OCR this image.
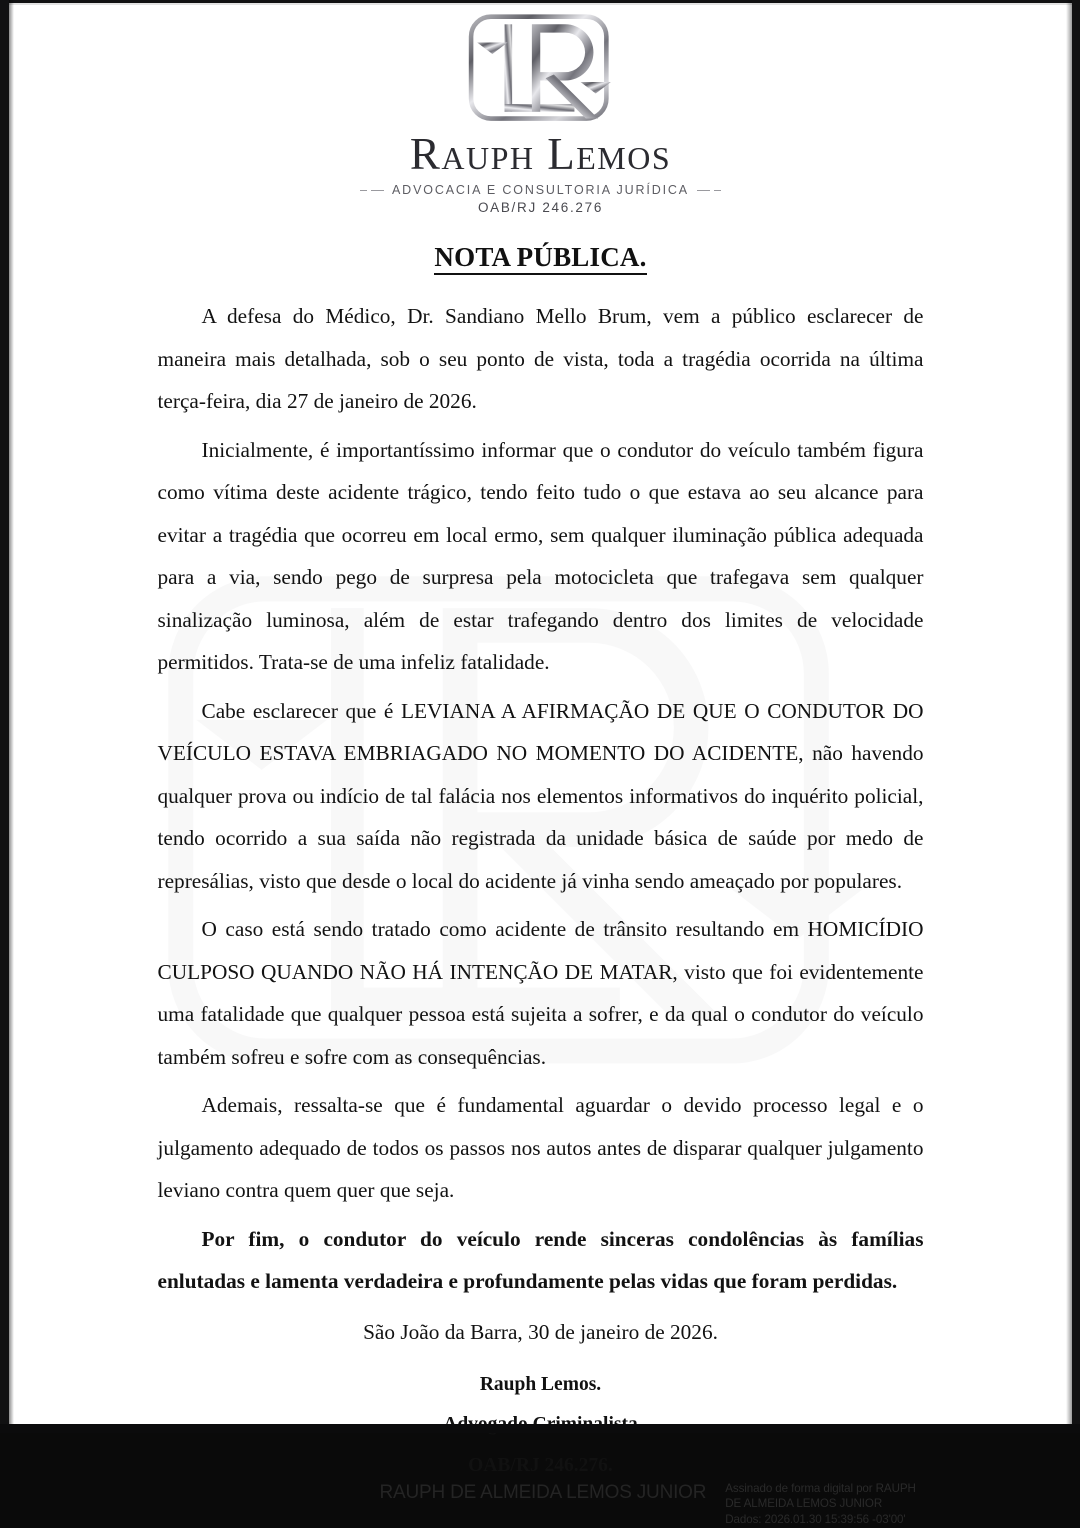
Rauph Lemos
ADVOCACIA E CONSULTORIA JURÍDICA
OAB/RJ 246.276
NOTA PÚBLICA.

A defesa do Médico, Dr. Sandiano Mello Brum, vem a público esclarecer de maneira mais detalhada, sob o seu ponto de vista, toda a tragédia ocorrida na última terça-feira, dia 27 de janeiro de 2026.

Inicialmente, é importantíssimo informar que o condutor do veículo também figura como vítima deste acidente trágico, tendo feito tudo o que estava ao seu alcance para evitar a tragédia que ocorreu em local ermo, sem qualquer iluminação pública adequada para a via, sendo pego de surpresa pela motocicleta que trafegava sem qualquer sinalização luminosa, além de estar trafegando dentro dos limites de velocidade permitidos. Trata-se de uma infeliz fatalidade.

Cabe esclarecer que é LEVIANA A AFIRMAÇÃO DE QUE O CONDUTOR DO VEÍCULO ESTAVA EMBRIAGADO NO MOMENTO DO ACIDENTE, não havendo qualquer prova ou indício de tal falácia nos elementos informativos do inquérito policial, tendo ocorrido a sua saída não registrada da unidade básica de saúde por medo de represálias, visto que desde o local do acidente já vinha sendo ameaçado por populares.

O caso está sendo tratado como acidente de trânsito resultando em HOMICÍDIO CULPOSO QUANDO NÃO HÁ INTENÇÃO DE MATAR, visto que foi evidentemente uma fatalidade que qualquer pessoa está sujeita a sofrer, e da qual o condutor do veículo também sofreu e sofre com as consequências.

Ademais, ressalta-se que é fundamental aguardar o devido processo legal e o julgamento adequado de todos os passos nos autos antes de disparar qualquer julgamento leviano contra quem quer que seja.

Por fim, o condutor do veículo rende sinceras condolências às famílias enlutadas e lamenta verdadeira e profundamente pelas vidas que foram perdidas.

São João da Barra, 30 de janeiro de 2026.
Rauph Lemos.
OAB/RJ 246.276.
RAUPH DE ALMEIDA LEMOS JUNIOR Assinado de forma digital por RAUPH
DE ALMEIDA LEMOS JUNIOR
Dados: 2026.01.30 15:39:56 -03'00'
